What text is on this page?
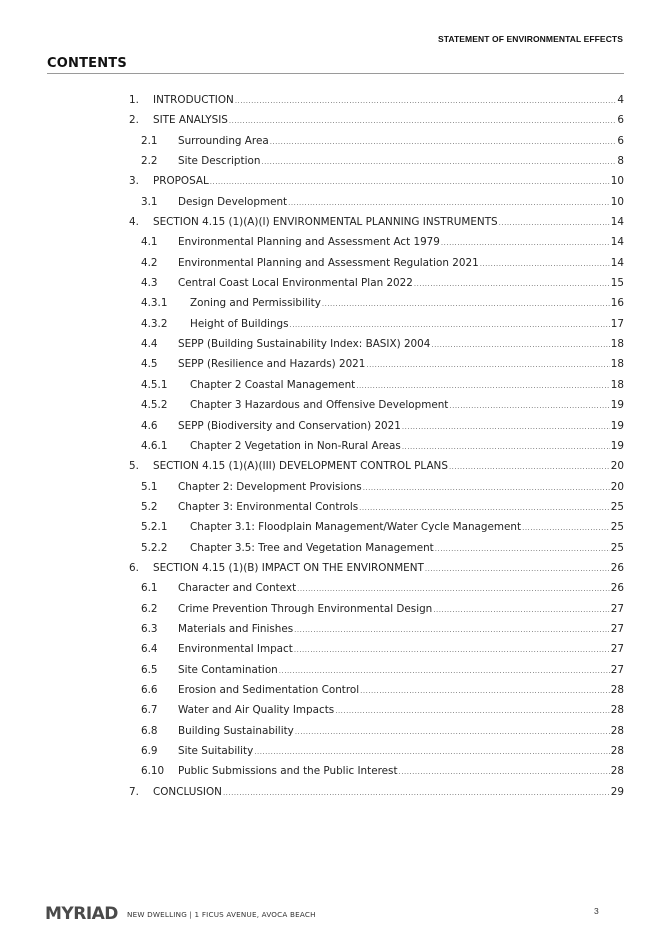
STATEMENT OF ENVIRONMENTAL EFFECTS
CONTENTS
1. INTRODUCTION .....	4
2. SITE ANALYSIS .....	6
2.1 Surrounding Area .....	6
2.2 Site Description .....	8
3. PROPOSAL .....	10
3.1 Design Development .....	10
4. SECTION 4.15 (1)(A)(I) ENVIRONMENTAL PLANNING INSTRUMENTS .....	14
4.1 Environmental Planning and Assessment Act 1979 .....	14
4.2 Environmental Planning and Assessment Regulation 2021 .....	14
4.3 Central Coast Local Environmental Plan 2022 .....	15
4.3.1 Zoning and Permissibility .....	16
4.3.2 Height of Buildings .....	17
4.4 SEPP (Building Sustainability Index: BASIX) 2004 .....	18
4.5 SEPP (Resilience and Hazards) 2021 .....	18
4.5.1 Chapter 2 Coastal Management .....	18
4.5.2 Chapter 3 Hazardous and Offensive Development .....	19
4.6 SEPP (Biodiversity and Conservation) 2021 .....	19
4.6.1 Chapter 2 Vegetation in Non-Rural Areas .....	19
5. SECTION 4.15 (1)(A)(III) DEVELOPMENT CONTROL PLANS .....	20
5.1 Chapter 2: Development Provisions .....	20
5.2 Chapter 3: Environmental Controls .....	25
5.2.1 Chapter 3.1: Floodplain Management/Water Cycle Management .....	25
5.2.2 Chapter 3.5: Tree and Vegetation Management .....	25
6. SECTION 4.15 (1)(B) IMPACT ON THE ENVIRONMENT .....	26
6.1 Character and Context .....	26
6.2 Crime Prevention Through Environmental Design .....	27
6.3 Materials and Finishes .....	27
6.4 Environmental Impact .....	27
6.5 Site Contamination .....	27
6.6 Erosion and Sedimentation Control .....	28
6.7 Water and Air Quality Impacts .....	28
6.8 Building Sustainability .....	28
6.9 Site Suitability .....	28
6.10 Public Submissions and the Public Interest .....	28
7. CONCLUSION .....	29
MYRIAD NEW DWELLING | 1 FICUS AVENUE, AVOCA BEACH	3
